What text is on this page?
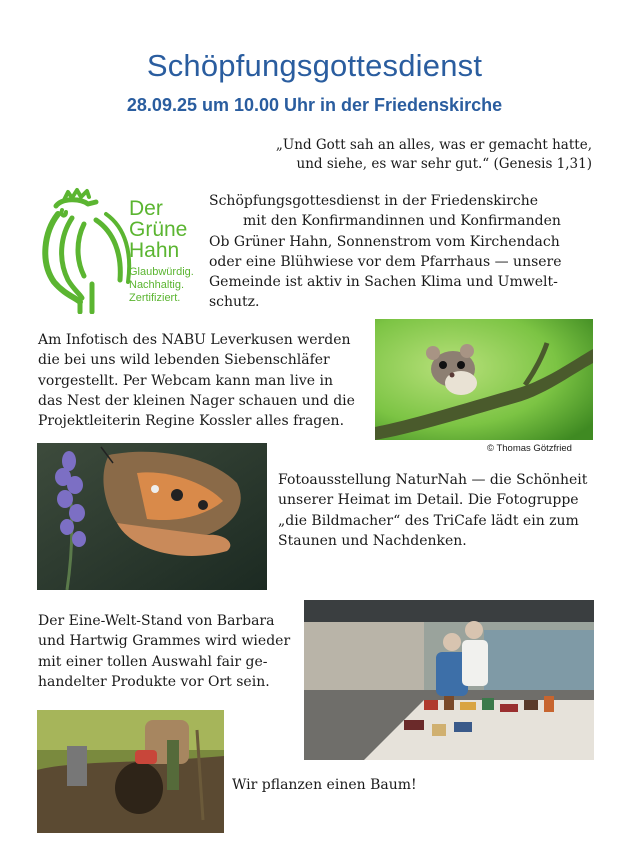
Schöpfungsgottesdienst
28.09.25 um 10.00 Uhr in der Friedenskirche
„Und Gott sah an alles, was er gemacht hatte,
und siehe, es war sehr gut.“ (Genesis 1,31)
Der
Grüne
Hahn
Glaubwürdig.
Nachhaltig.
Zertifiziert.
Schöpfungsgottesdienst in der Friedenskirche
mit den Konfirmandinnen und Konfirmanden
Ob Grüner Hahn, Sonnenstrom vom Kirchendach
oder eine Blühwiese vor dem Pfarrhaus — unsere
Gemeinde ist aktiv in Sachen Klima und Umwelt-
schutz.
Am Infotisch des NABU Leverkusen werden
die bei uns wild lebenden Siebenschläfer
vorgestellt. Per Webcam kann man live in
das Nest der kleinen Nager schauen und die
Projektleiterin Regine Kossler alles fragen.
© Thomas Götzfried
Fotoausstellung NaturNah — die Schönheit
unserer Heimat im Detail. Die Fotogruppe
„die Bildmacher“ des TriCafe lädt ein zum
Staunen und Nachdenken.
Der Eine-Welt-Stand von Barbara
und Hartwig Grammes wird wieder
mit einer tollen Auswahl fair ge-
handelter Produkte vor Ort sein.
Wir pflanzen einen Baum!
